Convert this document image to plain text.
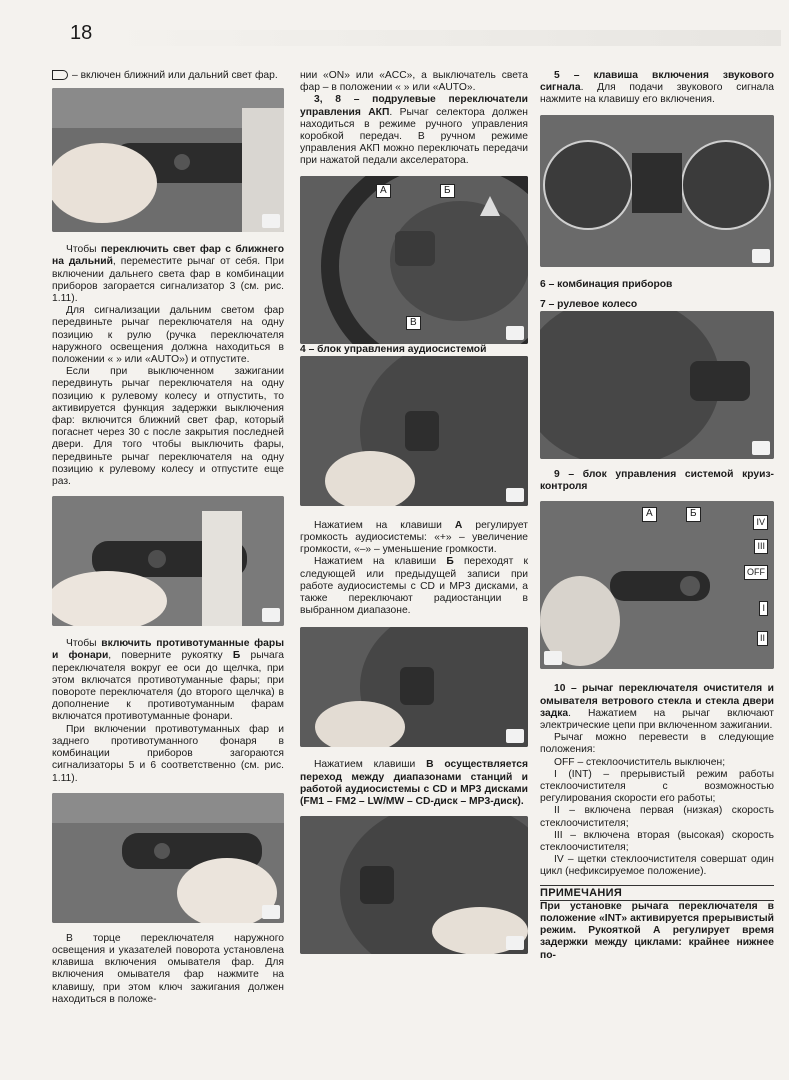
18

– включен ближний или дальний свет фар.

Чтобы переключить свет фар с ближнего на дальний, переместите рычаг от себя. При включении дальнего света фар в комбинации приборов загорается сигнализатор 3 (см. рис. 1.11).

Для сигнализации дальним светом фар передвиньте рычаг переключателя на одну позицию к рулю (ручка переключателя наружного освещения должна находиться в положении « » или «AUTO») и отпустите.

Если при выключенном зажигании передвинуть рычаг переключателя на одну позицию к рулевому колесу и отпустить, то активируется функция задержки выключения фар: включится ближний свет фар, который погаснет через 30 с после закрытия последней двери. Для того чтобы выключить фары, передвиньте рычаг переключателя на одну позицию к рулевому колесу и отпустите еще раз.

Чтобы включить противотуманные фары и фонари, поверните рукоятку Б рычага переключателя вокруг ее оси до щелчка, при этом включатся противотуманные фары; при повороте переключателя (до второго щелчка) в дополнение к противотуманным фарам включатся противотуманные фонари.

При включении противотуманных фар и заднего противотуманного фонаря в комбинации приборов загораются сигнализаторы 5 и 6 соответственно (см. рис. 1.11).

В торце переключателя наружного освещения и указателей поворота установлена клавиша включения омывателя фар. Для включения омывателя фар нажмите на клавишу, при этом ключ зажигания должен находиться в положе-

нии «ON» или «ACC», а выключатель света фар – в положении « » или «AUTO».

3, 8 – подрулевые переключатели управления АКП. Рычаг селектора должен находиться в режиме ручного управления коробкой передач. В ручном режиме управления АКП можно переключать передачи при нажатой педали акселератора.

А	Б
В

4 – блок управления аудиосистемой

Нажатием на клавиши А регулирует громкость аудиосистемы: «+» – увеличение громкости, «–» – уменьшение громкости.

Нажатием на клавиши Б переходят к следующей или предыдущей записи при работе аудиосистемы с CD и MP3 дисками, а также переключают радиостанции в выбранном диапазоне.

Нажатием клавиши В осуществляется переход между диапазонами станций и работой аудиосистемы с CD и MP3 дисками (FM1 – FM2 – LW/MW – CD-диск – MP3-диск).

5 – клавиша включения звукового сигнала. Для подачи звукового сигнала нажмите на клавишу его включения.

6 – комбинация приборов

7 – рулевое колесо

9 – блок управления системой круиз-контроля

А	Б
IV
III
OFF
I
II

10 – рычаг переключателя очистителя и омывателя ветрового стекла и стекла двери задка. Нажатием на рычаг включают электрические цепи при включенном зажигании.

Рычаг можно перевести в следующие положения:

OFF – стеклоочиститель выключен;

I (INT) – прерывистый режим работы стеклоочистителя с возможностью регулирования скорости его работы;

II – включена первая (низкая) скорость стеклоочистителя;

III – включена вторая (высокая) скорость стеклоочистителя;

IV – щетки стеклоочистителя совершат один цикл (нефиксируемое положение).

ПРИМЕЧАНИЯ

При установке рычага переключателя в положение «INT» активируется прерывистый режим. Рукояткой А регулирует время задержки между циклами: крайнее нижнее по-
